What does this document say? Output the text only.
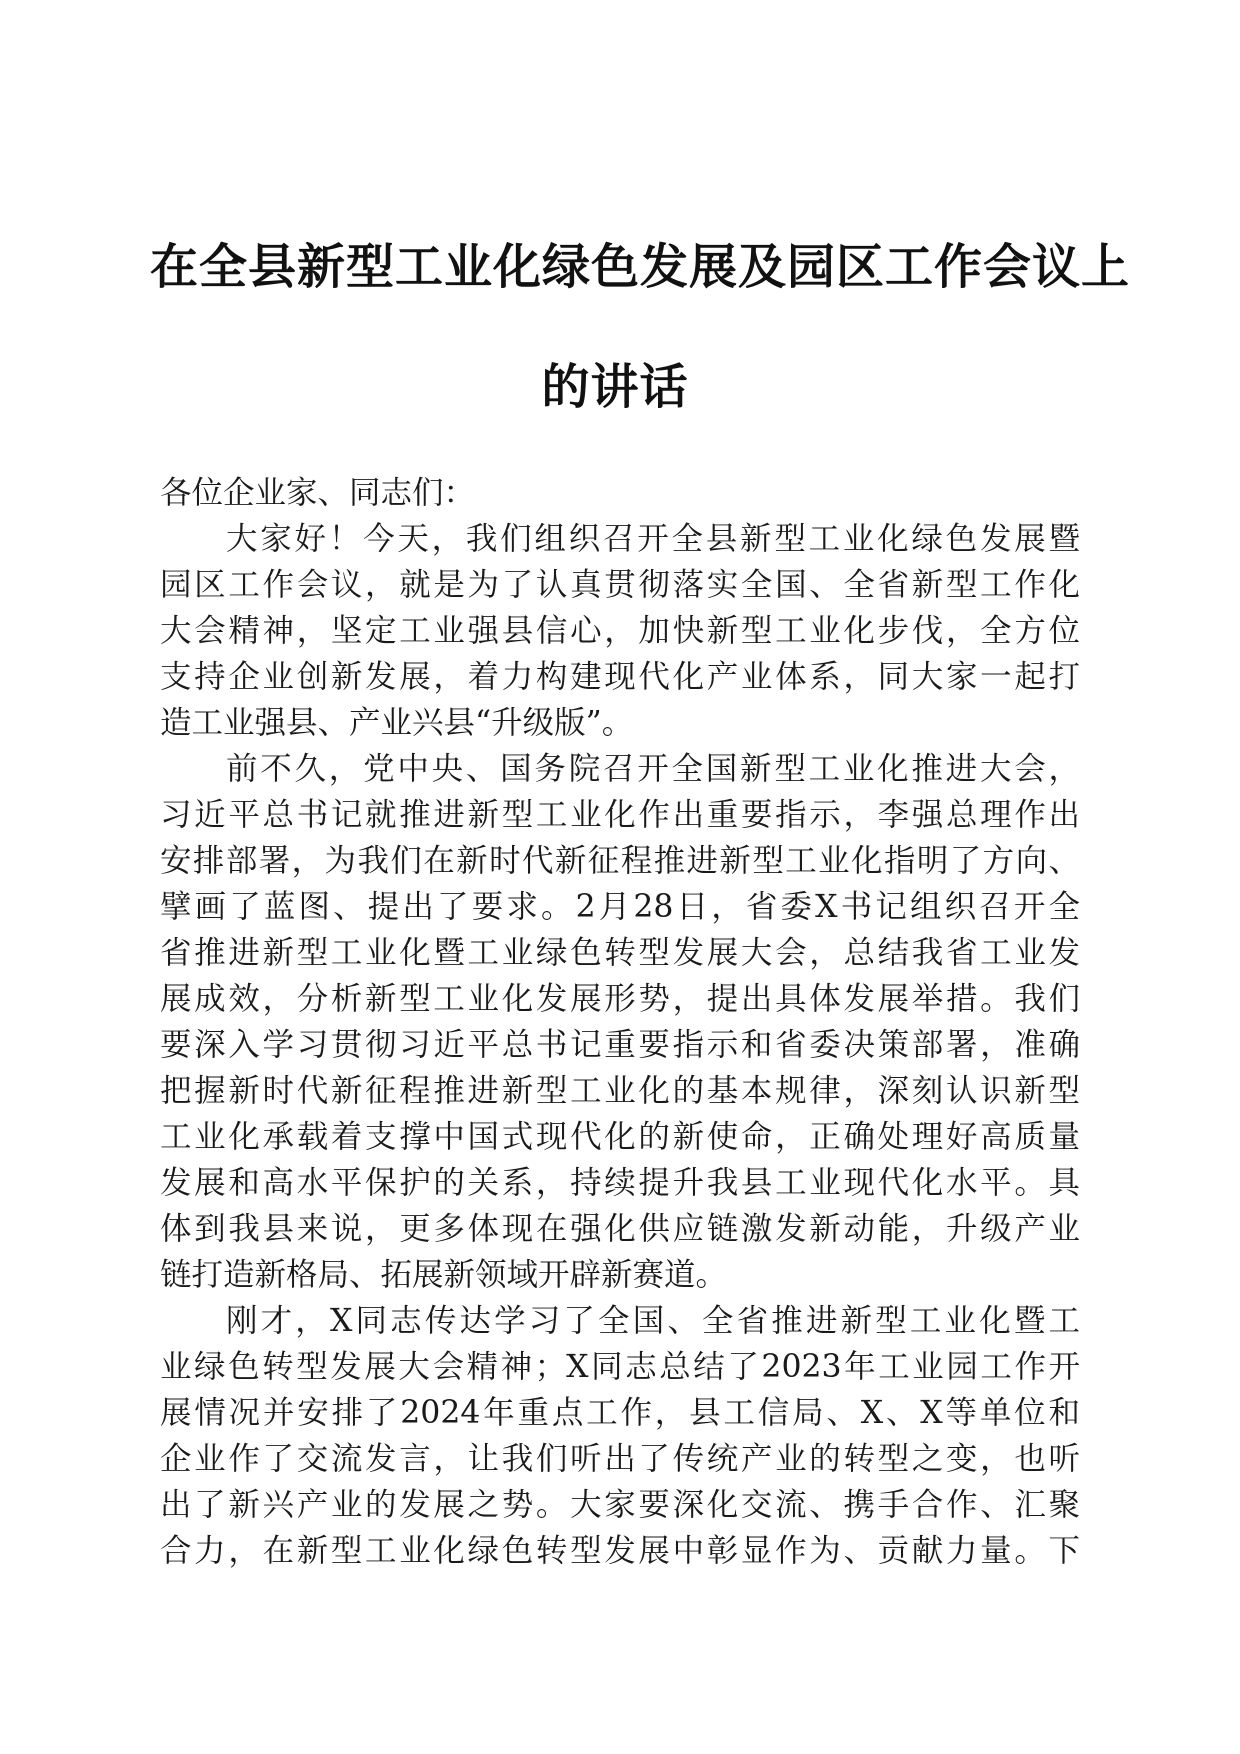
在全县新型工业化绿色发展及园区工作会议上
的讲话
各位企业家、同志们：
大家好！今天，我们组织召开全县新型工业化绿色发展暨
园区工作会议，就是为了认真贯彻落实全国、全省新型工作化
大会精神，坚定工业强县信心，加快新型工业化步伐，全方位
支持企业创新发展，着力构建现代化产业体系，同大家一起打
造工业强县、产业兴县“升级版”。
前不久，党中央、国务院召开全国新型工业化推进大会，
习近平总书记就推进新型工业化作出重要指示，李强总理作出
安排部署，为我们在新时代新征程推进新型工业化指明了方向、
擘画了蓝图、提出了要求。2月28日，省委X书记组织召开全
省推进新型工业化暨工业绿色转型发展大会，总结我省工业发
展成效，分析新型工业化发展形势，提出具体发展举措。我们
要深入学习贯彻习近平总书记重要指示和省委决策部署，准确
把握新时代新征程推进新型工业化的基本规律，深刻认识新型
工业化承载着支撑中国式现代化的新使命，正确处理好高质量
发展和高水平保护的关系，持续提升我县工业现代化水平。具
体到我县来说，更多体现在强化供应链激发新动能，升级产业
链打造新格局、拓展新领域开辟新赛道。
刚才，X同志传达学习了全国、全省推进新型工业化暨工
业绿色转型发展大会精神；X同志总结了2023年工业园工作开
展情况并安排了2024年重点工作，县工信局、X、X等单位和
企业作了交流发言，让我们听出了传统产业的转型之变，也听
出了新兴产业的发展之势。大家要深化交流、携手合作、汇聚
合力，在新型工业化绿色转型发展中彰显作为、贡献力量。下
